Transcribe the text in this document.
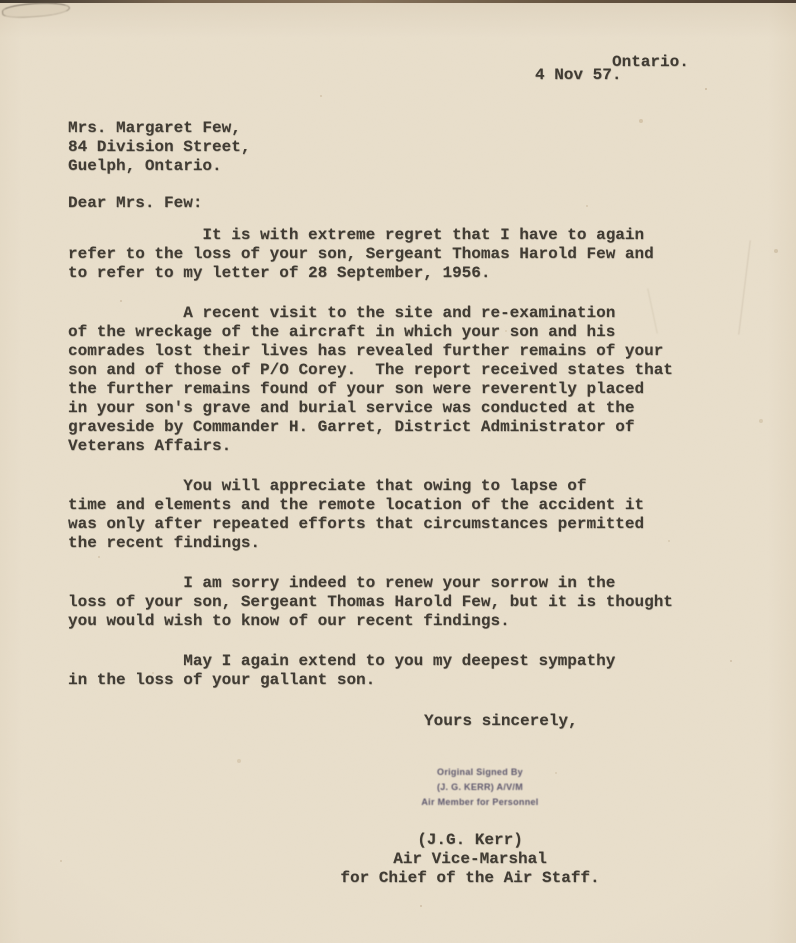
Ontario.
4 Nov 57.
Mrs. Margaret Few,
84 Division Street,
Guelph, Ontario.
Dear Mrs. Few:

It is with extreme regret that I have to again
refer to the loss of your son, Sergeant Thomas Harold Few and
to refer to my letter of 28 September, 1956.

A recent visit to the site and re-examination
of the wreckage of the aircraft in which your son and his
comrades lost their lives has revealed further remains of your
son and of those of P/O Corey.  The report received states that
the further remains found of your son were reverently placed
in your son's grave and burial service was conducted at the
graveside by Commander H. Garret, District Administrator of
Veterans Affairs.

You will appreciate that owing to lapse of
time and elements and the remote location of the accident it
was only after repeated efforts that circumstances permitted
the recent findings.

I am sorry indeed to renew your sorrow in the
loss of your son, Sergeant Thomas Harold Few, but it is thought
you would wish to know of our recent findings.

May I again extend to you my deepest sympathy
in the loss of your gallant son.

Yours sincerely,
Original Signed By
(J. G. KERR) A/V/M
Air Member for Personnel
(J.G. Kerr)
Air Vice-Marshal
for Chief of the Air Staff.
